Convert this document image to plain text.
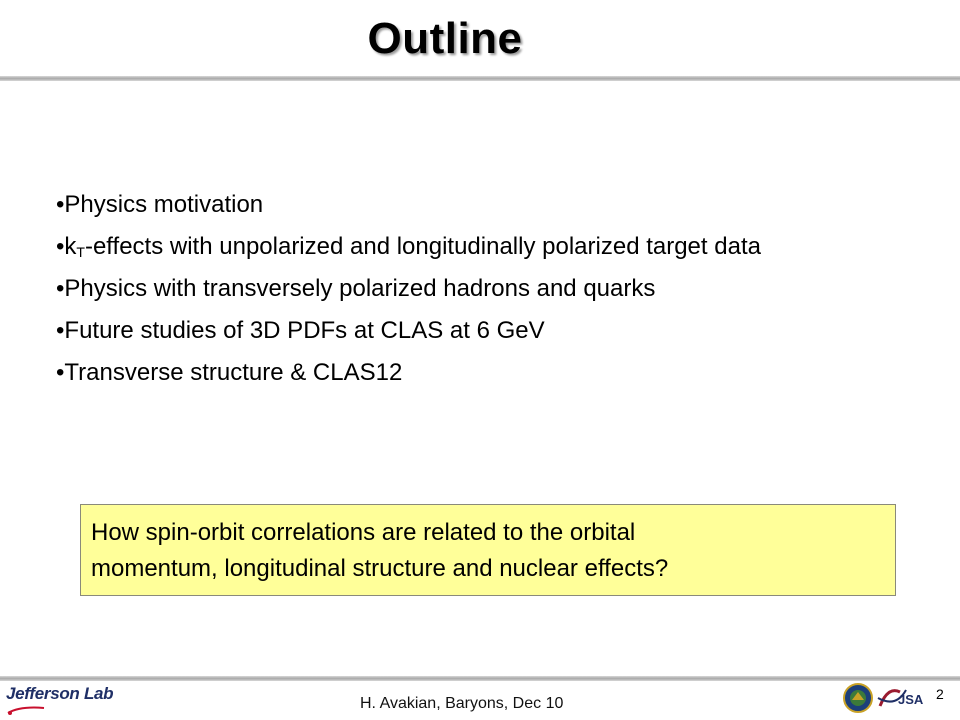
Outline
•Physics motivation
$•k_T$-effects with unpolarized and longitudinally polarized target data
•Physics with transversely polarized hadrons and quarks
•Future studies of 3D PDFs at CLAS at 6 GeV
•Transverse structure & CLAS12
How spin-orbit correlations are related to the orbital
momentum, longitudinal structure and nuclear effects?
Jefferson Lab
H. Avakian, Baryons, Dec 10	JSA 2
